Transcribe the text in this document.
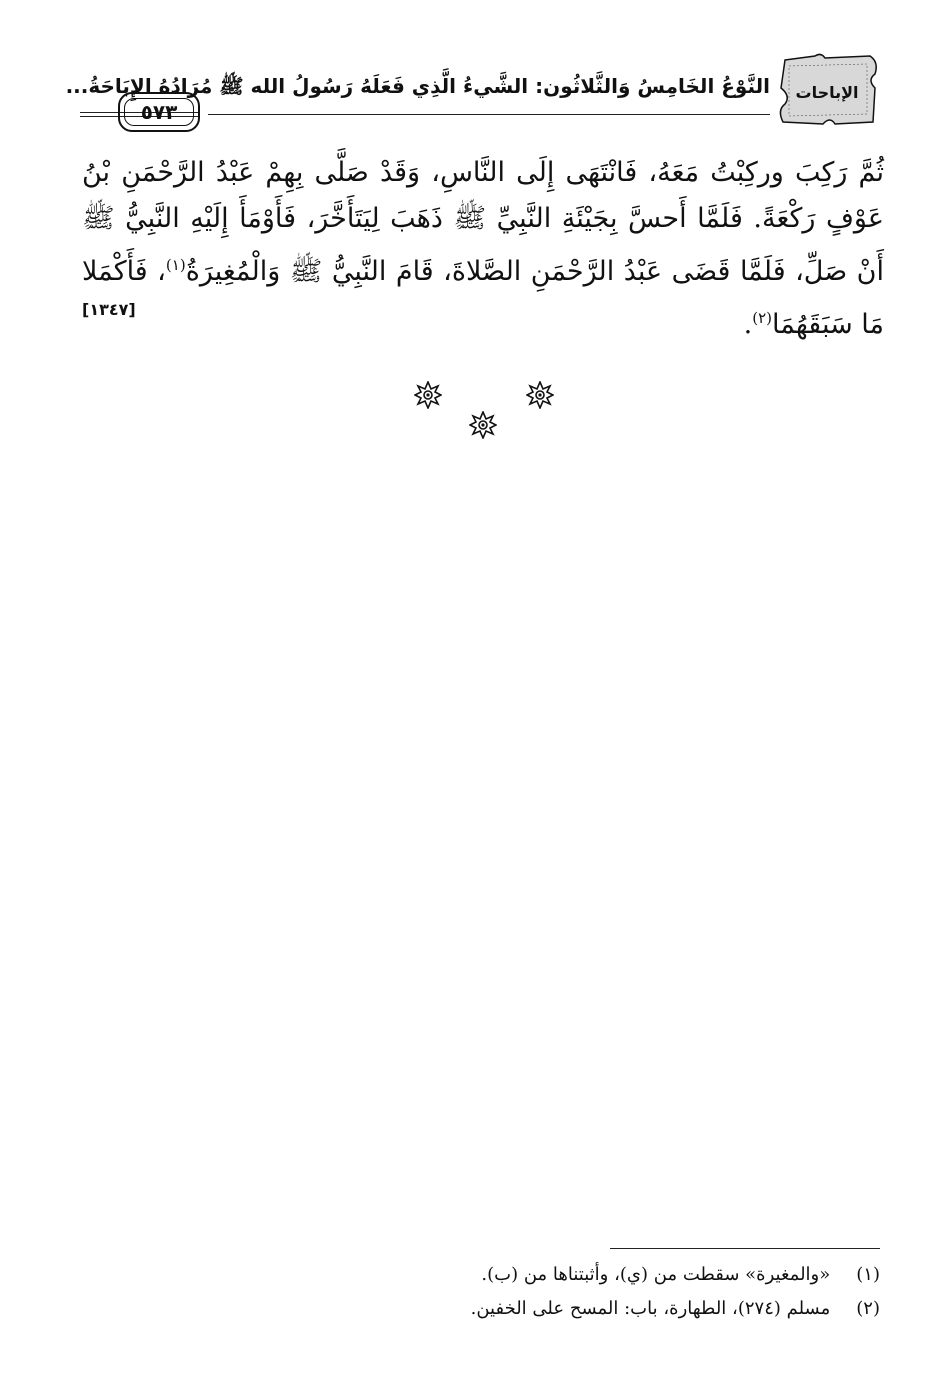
النَّوْعُ الخَامِسُ وَالثَّلاثُون: الشَّيءُ الَّذِي فَعَلَهُ رَسُولُ الله ﷺ مُرَادُهُ الإِبَاحَةُ...
٥٧٣
الإباحات

ثُمَّ رَكِبَ وركِبْتُ مَعَهُ، فَانْتَهَى إِلَى النَّاسِ، وَقَدْ صَلَّى بِهِمْ عَبْدُ الرَّحْمَنِ بْنُ عَوْفٍ رَكْعَةً. فَلَمَّا أَحسَّ بِجَيْئَةِ النَّبِيِّ ﷺ ذَهَبَ لِيَتَأَخَّرَ، فَأَوْمَأَ إِلَيْهِ النَّبِيُّ ﷺ أَنْ صَلِّ، فَلَمَّا قَضَى عَبْدُ الرَّحْمَنِ الصَّلاةَ، قَامَ النَّبِيُّ ﷺ وَالْمُغِيرَةُ$^{(١)}$، فَأَكْمَلا مَا سَبَقَهُمَا$^{(٢)}$.

[١٣٤٧]
(١) «والمغيرة» سقطت من (ي)، وأثبتناها من (ب).
(٢) مسلم (٢٧٤)، الطهارة، باب: المسح على الخفين.
